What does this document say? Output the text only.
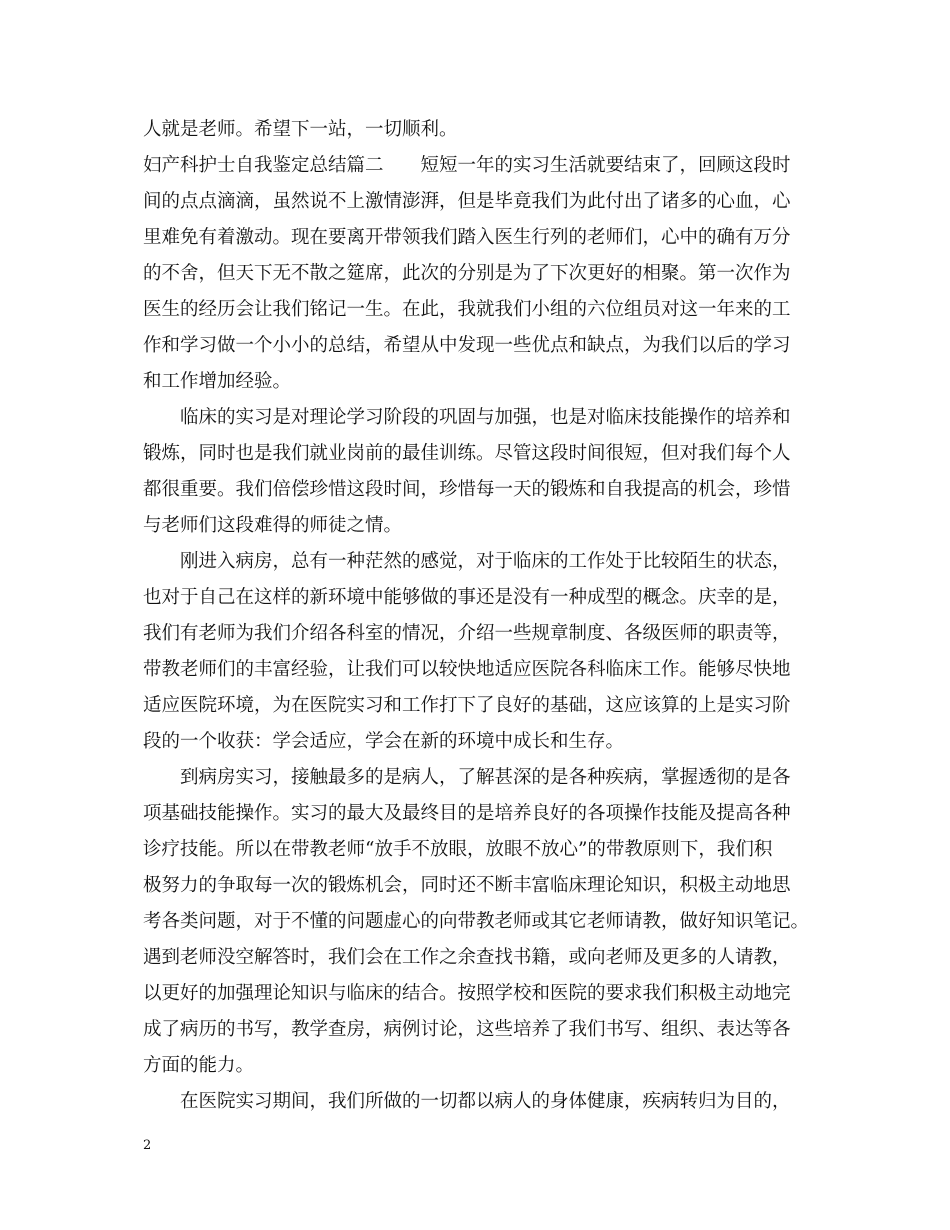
人就是老师。希望下一站，一切顺利。
妇产科护士自我鉴定总结篇二　　短短一年的实习生活就要结束了，回顾这段时
间的点点滴滴，虽然说不上激情澎湃，但是毕竟我们为此付出了诸多的心血，心
里难免有着激动。现在要离开带领我们踏入医生行列的老师们，心中的确有万分
的不舍，但天下无不散之筵席，此次的分别是为了下次更好的相聚。第一次作为
医生的经历会让我们铭记一生。在此，我就我们小组的六位组员对这一年来的工
作和学习做一个小小的总结，希望从中发现一些优点和缺点，为我们以后的学习
和工作增加经验。
　　临床的实习是对理论学习阶段的巩固与加强，也是对临床技能操作的培养和
锻炼，同时也是我们就业岗前的最佳训练。尽管这段时间很短，但对我们每个人
都很重要。我们倍偿珍惜这段时间，珍惜每一天的锻炼和自我提高的机会，珍惜
与老师们这段难得的师徒之情。
　　刚进入病房，总有一种茫然的感觉，对于临床的工作处于比较陌生的状态，
也对于自己在这样的新环境中能够做的事还是没有一种成型的概念。庆幸的是，
我们有老师为我们介绍各科室的情况，介绍一些规章制度、各级医师的职责等，
带教老师们的丰富经验，让我们可以较快地适应医院各科临床工作。能够尽快地
适应医院环境，为在医院实习和工作打下了良好的基础，这应该算的上是实习阶
段的一个收获：学会适应，学会在新的环境中成长和生存。
　　到病房实习，接触最多的是病人，了解甚深的是各种疾病，掌握透彻的是各
项基础技能操作。实习的最大及最终目的是培养良好的各项操作技能及提高各种
诊疗技能。所以在带教老师“放手不放眼，放眼不放心”的带教原则下，我们积
极努力的争取每一次的锻炼机会，同时还不断丰富临床理论知识，积极主动地思
考各类问题，对于不懂的问题虚心的向带教老师或其它老师请教，做好知识笔记。
遇到老师没空解答时，我们会在工作之余查找书籍，或向老师及更多的人请教，
以更好的加强理论知识与临床的结合。按照学校和医院的要求我们积极主动地完
成了病历的书写，教学查房，病例讨论，这些培养了我们书写、组织、表达等各
方面的能力。
　　在医院实习期间，我们所做的一切都以病人的身体健康，疾病转归为目的，
2
